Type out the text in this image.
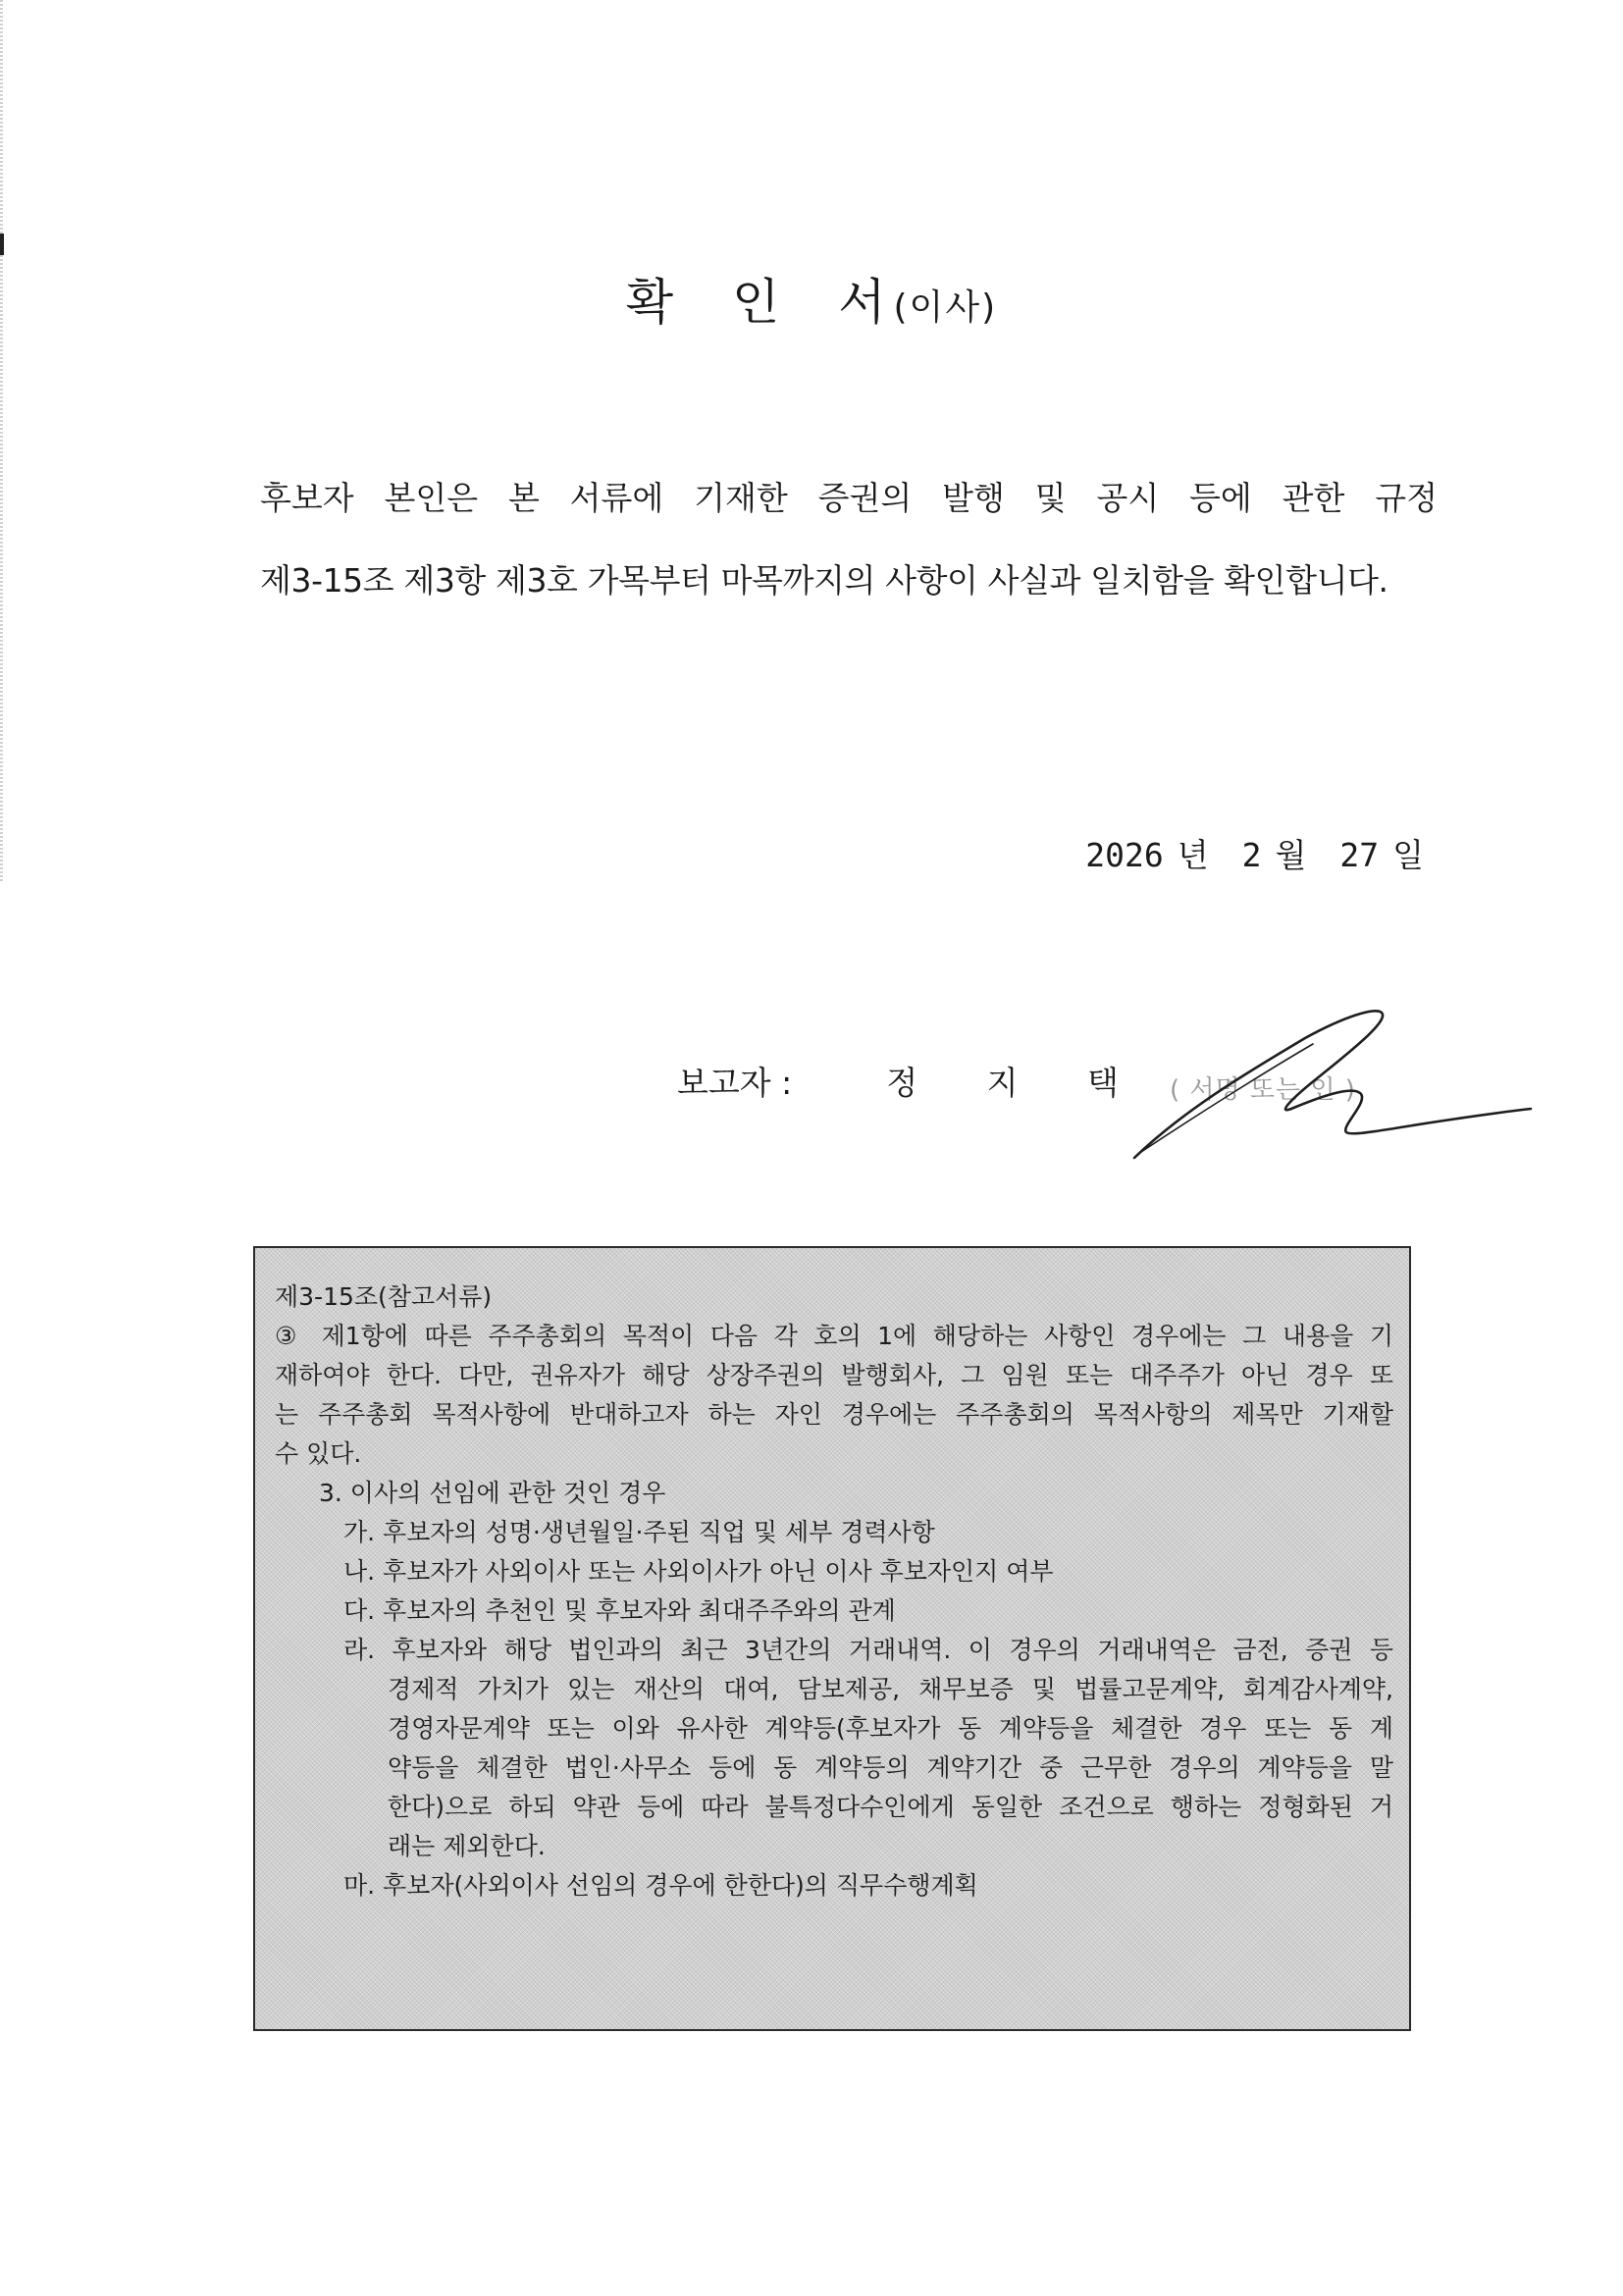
확 인 서(이사)
후보자 본인은 본 서류에 기재한 증권의 발행 및 공시 등에 관한 규정
제3-15조 제3항 제3호 가목부터 마목까지의 사항이 사실과 일치함을 확인합니다.
2026 년 2 월 27 일
보고자 :	정 지 택 ( 서명 또는 인 )
제3-15조(참고서류)
③ 제1항에 따른 주주총회의 목적이 다음 각 호의 1에 해당하는 사항인 경우에는 그 내용을 기
재하여야 한다. 다만, 권유자가 해당 상장주권의 발행회사, 그 임원 또는 대주주가 아닌 경우 또
는 주주총회 목적사항에 반대하고자 하는 자인 경우에는 주주총회의 목적사항의 제목만 기재할
수 있다.
3. 이사의 선임에 관한 것인 경우
가. 후보자의 성명·생년월일·주된 직업 및 세부 경력사항
나. 후보자가 사외이사 또는 사외이사가 아닌 이사 후보자인지 여부
다. 후보자의 추천인 및 후보자와 최대주주와의 관계
라. 후보자와 해당 법인과의 최근 3년간의 거래내역. 이 경우의 거래내역은 금전, 증권 등
경제적 가치가 있는 재산의 대여, 담보제공, 채무보증 및 법률고문계약, 회계감사계약,
경영자문계약 또는 이와 유사한 계약등(후보자가 동 계약등을 체결한 경우 또는 동 계
약등을 체결한 법인·사무소 등에 동 계약등의 계약기간 중 근무한 경우의 계약등을 말
한다)으로 하되 약관 등에 따라 불특정다수인에게 동일한 조건으로 행하는 정형화된 거
래는 제외한다.
마. 후보자(사외이사 선임의 경우에 한한다)의 직무수행계획
